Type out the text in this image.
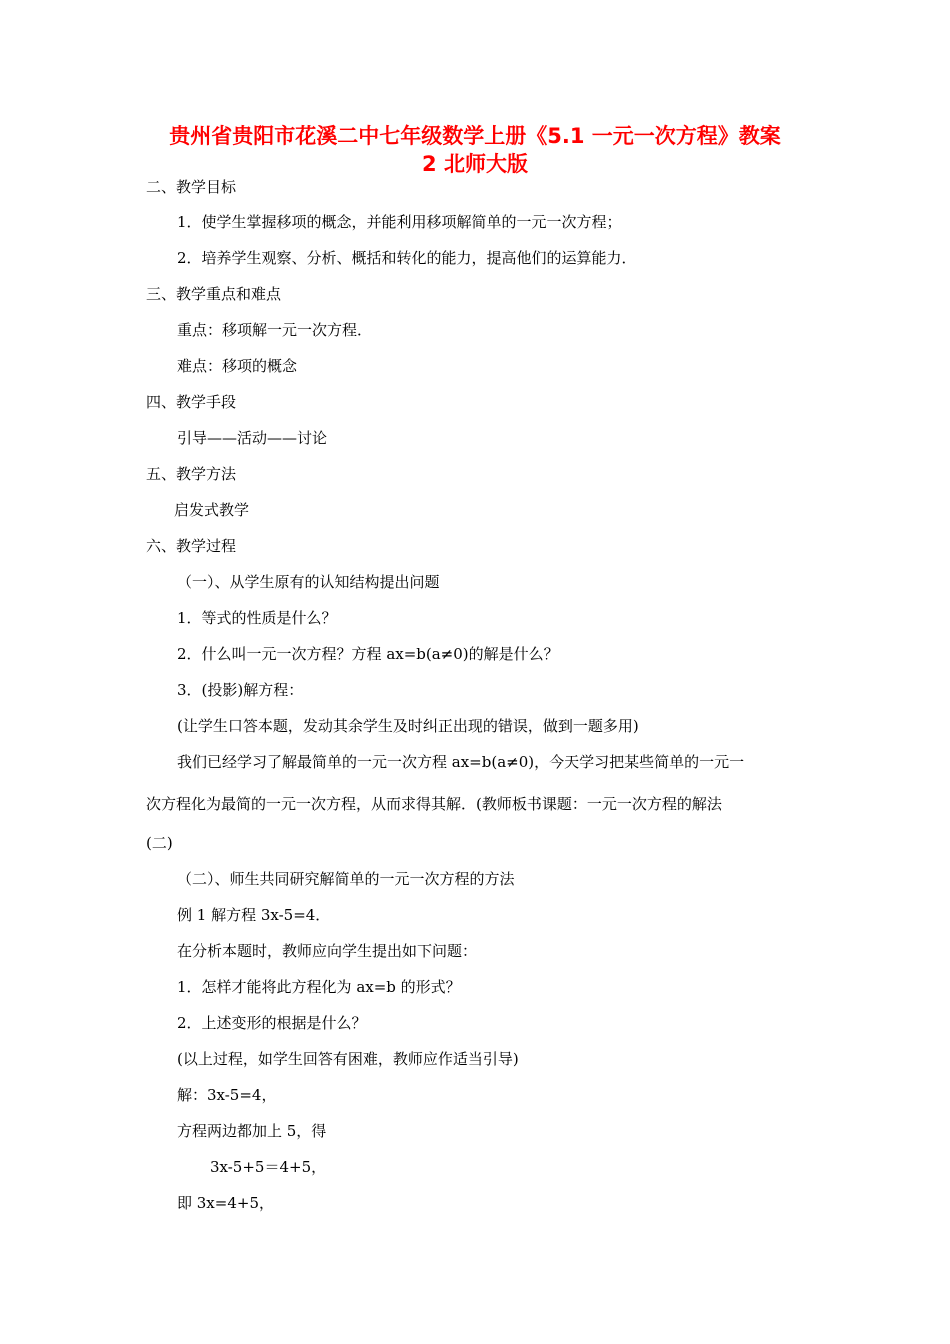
贵州省贵阳市花溪二中七年级数学上册《5.1 一元一次方程》教案
2 北师大版
二、教学目标
1．使学生掌握移项的概念，并能利用移项解简单的一元一次方程；
2．培养学生观察、分析、概括和转化的能力，提高他们的运算能力．
三、教学重点和难点
重点：移项解一元一次方程．
难点：移项的概念
四、教学手段
引导——活动——讨论
五、教学方法
启发式教学
六、教学过程
（一）、从学生原有的认知结构提出问题
1．等式的性质是什么？
2．什么叫一元一次方程？方程 ax=b(a≠0)的解是什么？
3．(投影)解方程：
(让学生口答本题，发动其余学生及时纠正出现的错误，做到一题多用)
我们已经学习了解最简单的一元一次方程 ax=b(a≠0)，今天学习把某些简单的一元一
次方程化为最简的一元一次方程，从而求得其解．(教师板书课题：一元一次方程的解法
(二)
（二）、师生共同研究解简单的一元一次方程的方法
例 1 解方程 3x-5=4．
在分析本题时，教师应向学生提出如下问题：
1．怎样才能将此方程化为 ax=b 的形式？
2．上述变形的根据是什么？
(以上过程，如学生回答有困难，教师应作适当引导)
解：3x-5=4，
方程两边都加上 5，得
3x-5+5＝4+5，
即 3x=4+5，
